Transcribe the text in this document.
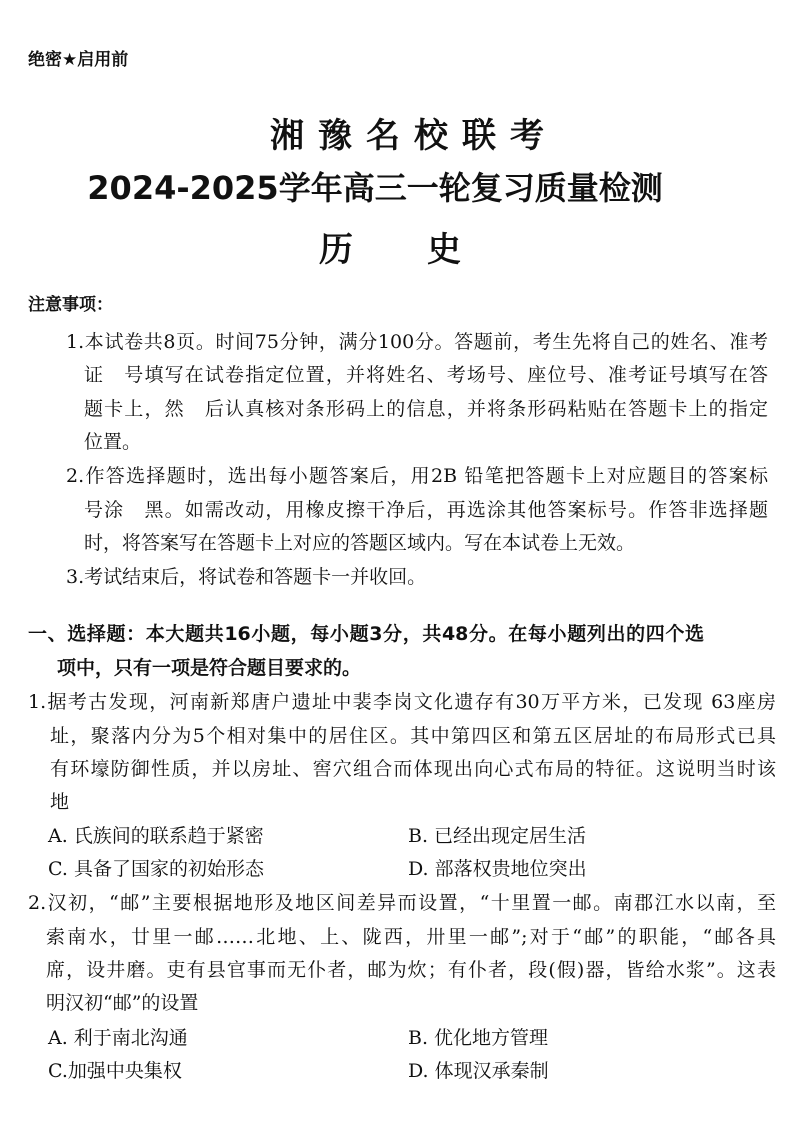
绝密★启用前
湘豫名校联考
2024-2025学年高三一轮复习质量检测
历　史
注意事项：
1.本试卷共8页。时间75分钟，满分100分。答题前，考生先将自己的姓名、准考
证　号填写在试卷指定位置，并将姓名、考场号、座位号、准考证号填写在答
题卡上，然　后认真核对条形码上的信息，并将条形码粘贴在答题卡上的指定
位置。
2.作答选择题时，选出每小题答案后，用2B 铅笔把答题卡上对应题目的答案标
号涂　黑。如需改动，用橡皮擦干净后，再选涂其他答案标号。作答非选择题
时，将答案写在答题卡上对应的答题区域内。写在本试卷上无效。
3.考试结束后，将试卷和答题卡一并收回。
一、选择题：本大题共16小题，每小题3分，共48分。在每小题列出的四个选
项中，只有一项是符合题目要求的。
1.据考古发现，河南新郑唐户遗址中裴李岗文化遗存有30万平方米，已发现 63座房
址，聚落内分为5个相对集中的居住区。其中第四区和第五区居址的布局形式已具
有环壕防御性质，并以房址、窖穴组合而体现出向心式布局的特征。这说明当时该
地
A. 氏族间的联系趋于紧密	B. 已经出现定居生活
C. 具备了国家的初始形态	D. 部落权贵地位突出
2.汉初，“邮”主要根据地形及地区间差异而设置，“十里置一邮。南郡江水以南，至
索南水，廿里一邮……北地、上、陇西，卅里一邮”;对于“邮”的职能，“邮各具
席，设井磨。吏有县官事而无仆者，邮为炊；有仆者，段(假)器，皆给水浆”。这表
明汉初“邮”的设置
A. 利于南北沟通	B. 优化地方管理
C.加强中央集权	D. 体现汉承秦制
